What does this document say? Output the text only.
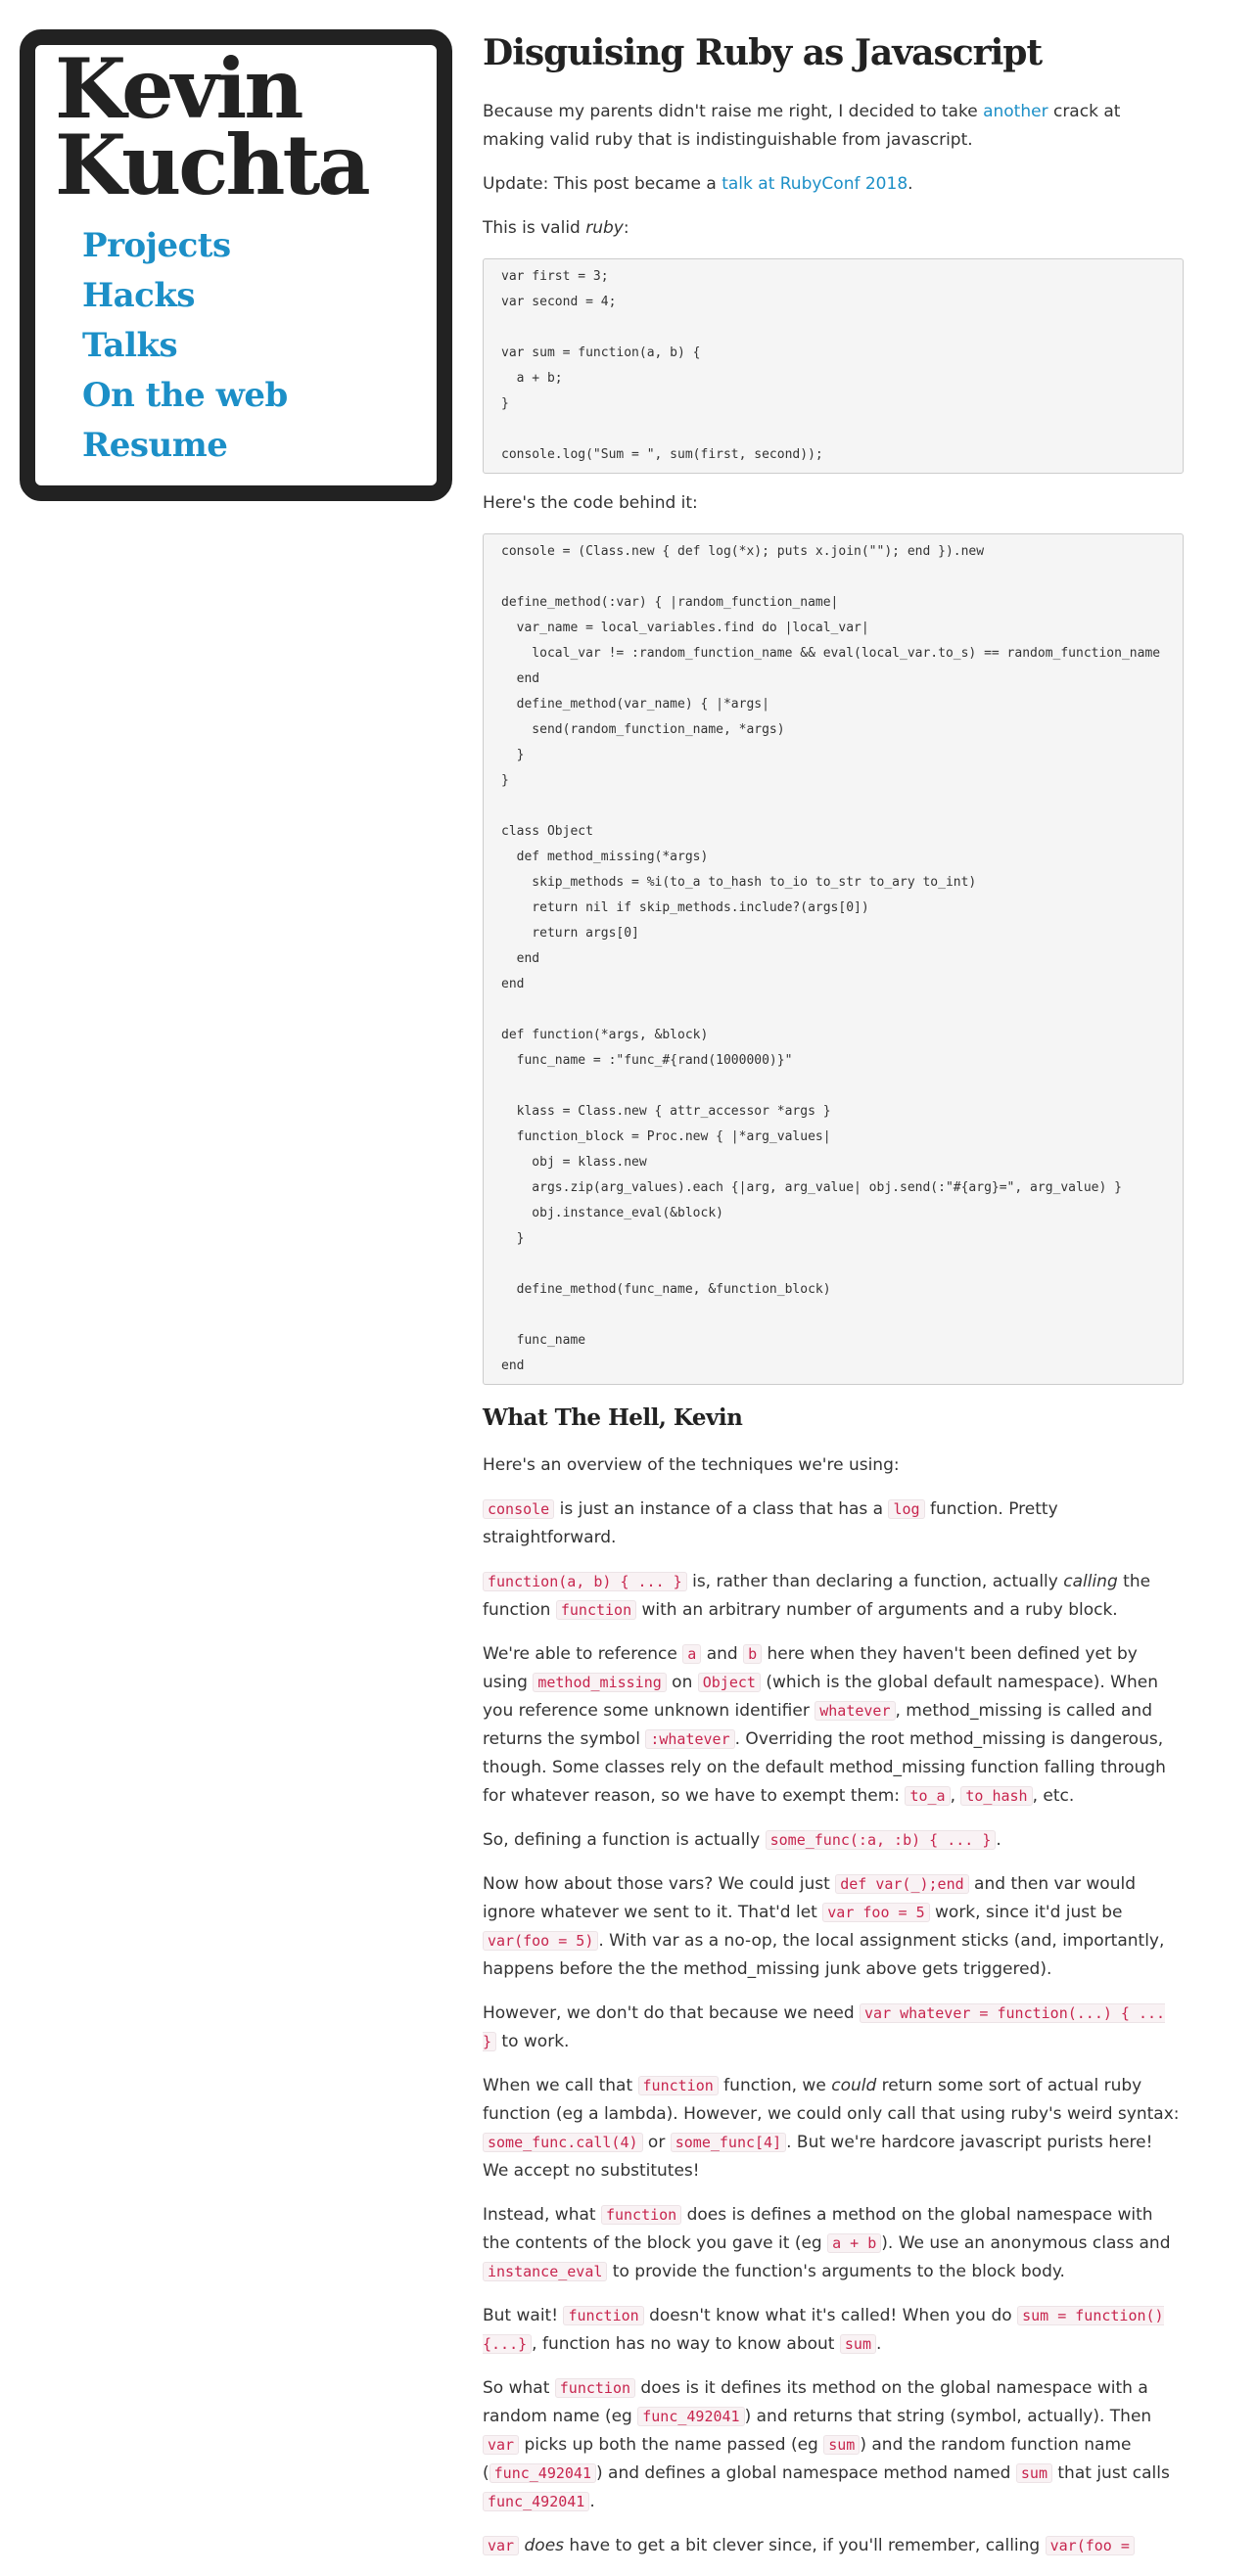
Kevin
Kuchta
Projects
Hacks
Talks
On the web
Resume
Disguising Ruby as Javascript

Because my parents didn't raise me right, I decided to take another crack at making valid ruby that is indistinguishable from javascript.

Update: This post became a talk at RubyConf 2018.

This is valid ruby:

var first = 3;
var second = 4;

var sum = function(a, b) {
a + b;
}

console.log("Sum = ", sum(first, second));

Here's the code behind it:

console = (Class.new { def log(*x); puts x.join(""); end }).new

define_method(:var) { |random_function_name|
var_name = local_variables.find do |local_var|
local_var != :random_function_name && eval(local_var.to_s) == random_function_name
end
define_method(var_name) { |*args|
send(random_function_name, *args)
}
}

class Object
def method_missing(*args)
skip_methods = %i(to_a to_hash to_io to_str to_ary to_int)
return nil if skip_methods.include?(args[0])
return args[0]
end
end

def function(*args, &block)
func_name = :"func_#{rand(1000000)}"

klass = Class.new { attr_accessor *args }
function_block = Proc.new { |*arg_values|
obj = klass.new
args.zip(arg_values).each {|arg, arg_value| obj.send(:"#{arg}=", arg_value) }
obj.instance_eval(&block)
}

define_method(func_name, &function_block)

func_name
end
What The Hell, Kevin

Here's an overview of the techniques we're using:

console is just an instance of a class that has a log function. Pretty straightforward.

function(a, b) { ... } is, rather than declaring a function, actually calling the function function with an arbitrary number of arguments and a ruby block.

We're able to reference a and b here when they haven't been defined yet by using method_missing on Object (which is the global default namespace). When you reference some unknown identifier whatever , method_missing is called and returns the symbol :whatever . Overriding the root method_missing is dangerous, though. Some classes rely on the default method_missing function falling through for whatever reason, so we have to exempt them: to_a , to_hash , etc.

So, defining a function is actually some_func(:a, :b) { ... } .

Now how about those vars? We could just def var(_);end and then var would ignore whatever we sent to it. That'd let var foo = 5 work, since it'd just be var(foo = 5) . With var as a no-op, the local assignment sticks (and, importantly, happens before the the method_missing junk above gets triggered).

However, we don't do that because we need var whatever = function(...) { ... } to work.

When we call that function function, we could return some sort of actual ruby function (eg a lambda). However, we could only call that using ruby's weird syntax: some_func.call(4) or some_func[4] . But we're hardcore javascript purists here! We accept no substitutes!

Instead, what function does is defines a method on the global namespace with the contents of the block you gave it (eg a + b ). We use an anonymous class and instance_eval to provide the function's arguments to the block body.

But wait! function doesn't know what it's called! When you do sum = function() {...} , function has no way to know about sum .

So what function does is it defines its method on the global namespace with a random name (eg func_492041 ) and returns that string (symbol, actually). Then var picks up both the name passed (eg sum ) and the random function name ( func_492041 ) and defines a global namespace method named sum that just calls func_492041 .

var does have to get a bit clever since, if you'll remember, calling var(foo =
